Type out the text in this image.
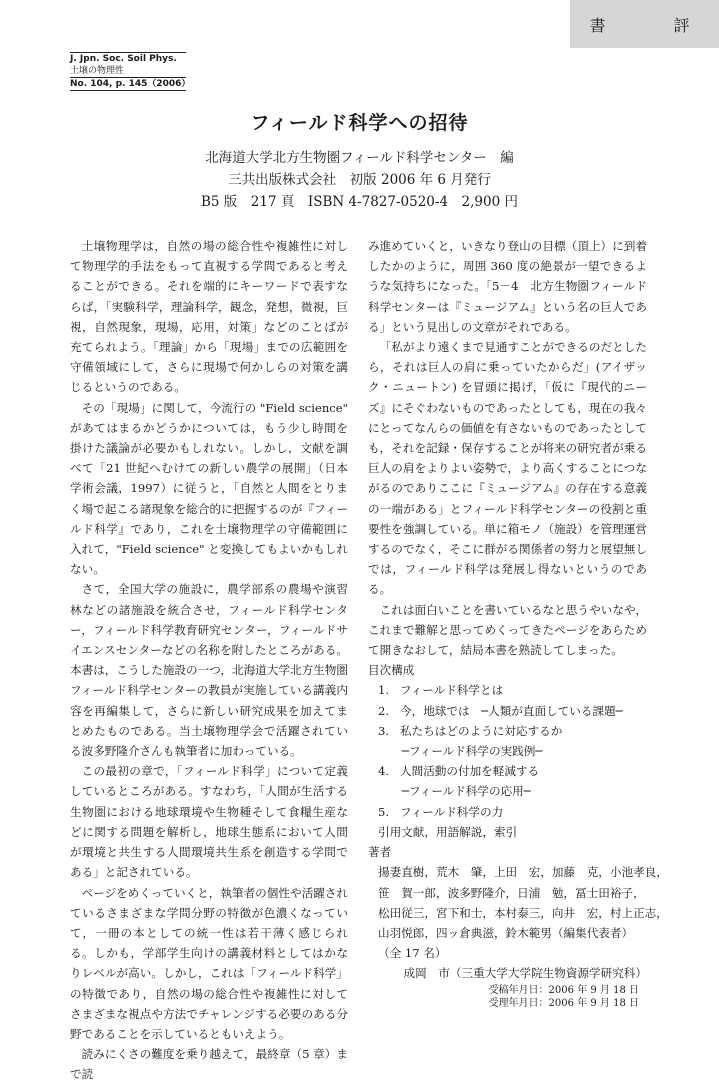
書　評
J. Jpn. Soc. Soil Phys.
土壌の物理性
No. 104, p. 145（2006）
フィールド科学への招待
北海道大学北方生物圏フィールド科学センター　編
三共出版株式会社　初版 2006 年 6 月発行
B5 版　217 頁　ISBN 4-7827-0520-4　2,900 円

土壌物理学は，自然の場の総合性や複雑性に対して物理学的手法をもって直視する学問であると考えることができる。それを端的にキーワードで表すならば，｢実験科学，理論科学，観念，発想，微視，巨視，自然現象，現場，応用，対策」などのことばが充てられよう。｢理論」から「現場」までの広範囲を守備領域にして，さらに現場で何かしらの対策を講じるというのである。

その「現場」に関して，今流行の "Field science" があてはまるかどうかについては，もう少し時間を掛けた議論が必要かもしれない。しかし，文献を調べて「21 世紀へむけての新しい農学の展開」（日本学術会議，1997）に従うと，｢自然と人間をとりまく場で起こる諸現象を総合的に把握するのが『フィールド科学』であり，これを土壌物理学の守備範囲に入れて，"Field science" と変換してもよいかもしれない。

さて，全国大学の施設に，農学部系の農場や演習林などの諸施設を統合させ，フィールド科学センター，フィールド科学教育研究センター，フィールドサイエンスセンターなどの名称を附したところがある。本書は，こうした施設の一つ，北海道大学北方生物圏フィールド科学センターの教員が実施している講義内容を再編集して，さらに新しい研究成果を加えてまとめたものである。当土壌物理学会で活躍されている波多野隆介さんも執筆者に加わっている。

この最初の章で，｢フィールド科学」について定義しているところがある。すなわち，｢人間が生活する生物圏における地球環境や生物種そして食糧生産などに関する問題を解析し，地球生態系において人間が環境と共生する人間環境共生系を創造する学問である」と記されている。

ページをめくっていくと，執筆者の個性や活躍されているさまざまな学問分野の特徴が色濃くなっていて，一冊の本としての統一性は若干薄く感じられる。しかも，学部学生向けの講義材料としてはかなりレベルが高い。しかし，これは「フィールド科学」の特徴であり，自然の場の総合性や複雑性に対してさまざまな視点や方法でチャレンジする必要のある分野であることを示しているともいえよう。

読みにくさの難度を乗り越えて，最終章（5 章）まで読

み進めていくと，いきなり登山の目標（頂上）に到着したかのように，周囲 360 度の絶景が一望できるような気持ちになった。｢5－4　北方生物圏フィールド科学センターは『ミュージアム』という名の巨人である」という見出しの文章がそれである。

「私がより遠くまで見通すことができるのだとしたら，それは巨人の肩に乗っていたからだ」(アイザック・ニュートン) を冒頭に掲げ，｢仮に『現代的ニーズ』にそぐわないものであったとしても，現在の我々にとってなんらの価値を有さないものであったとしても，それを記録・保存することが将来の研究者が乗る巨人の肩をよりよい姿勢で，より高くすることにつながるのでありここに『ミュージアム』の存在する意義の一端がある」とフィールド科学センターの役割と重要性を強調している。単に箱モノ（施設）を管理運営するのでなく，そこに群がる関係者の努力と展望無しでは，フィールド科学は発展し得ないというのである。

これは面白いことを書いているなと思うやいなや，これまで難解と思ってめくってきたページをあらためて開きなおして，結局本書を熟読してしまった。

目次構成
1. フィールド科学とは
2. 今，地球では　─人類が直面している課題─
3. 私たちはどのように対応するか
─フィールド科学の実践例─
4. 人間活動の付加を軽減する
─フィールド科学の応用─
5. フィールド科学の力
引用文献，用語解説，索引
著者
揚妻直樹，荒木　肇，上田　宏，加藤　克，小池孝良，
笹　賀一郎，波多野隆介，日浦　勉，冨士田裕子，
松田従三，宮下和士，本村泰三，向井　宏，村上正志，
山羽悦郎，四ッ倉典滋，鈴木範男（編集代表者）
（全 17 名）
成岡　市（三重大学大学院生物資源学研究科）
受稿年月日：2006 年 9 月 18 日
受理年月日：2006 年 9 月 18 日
